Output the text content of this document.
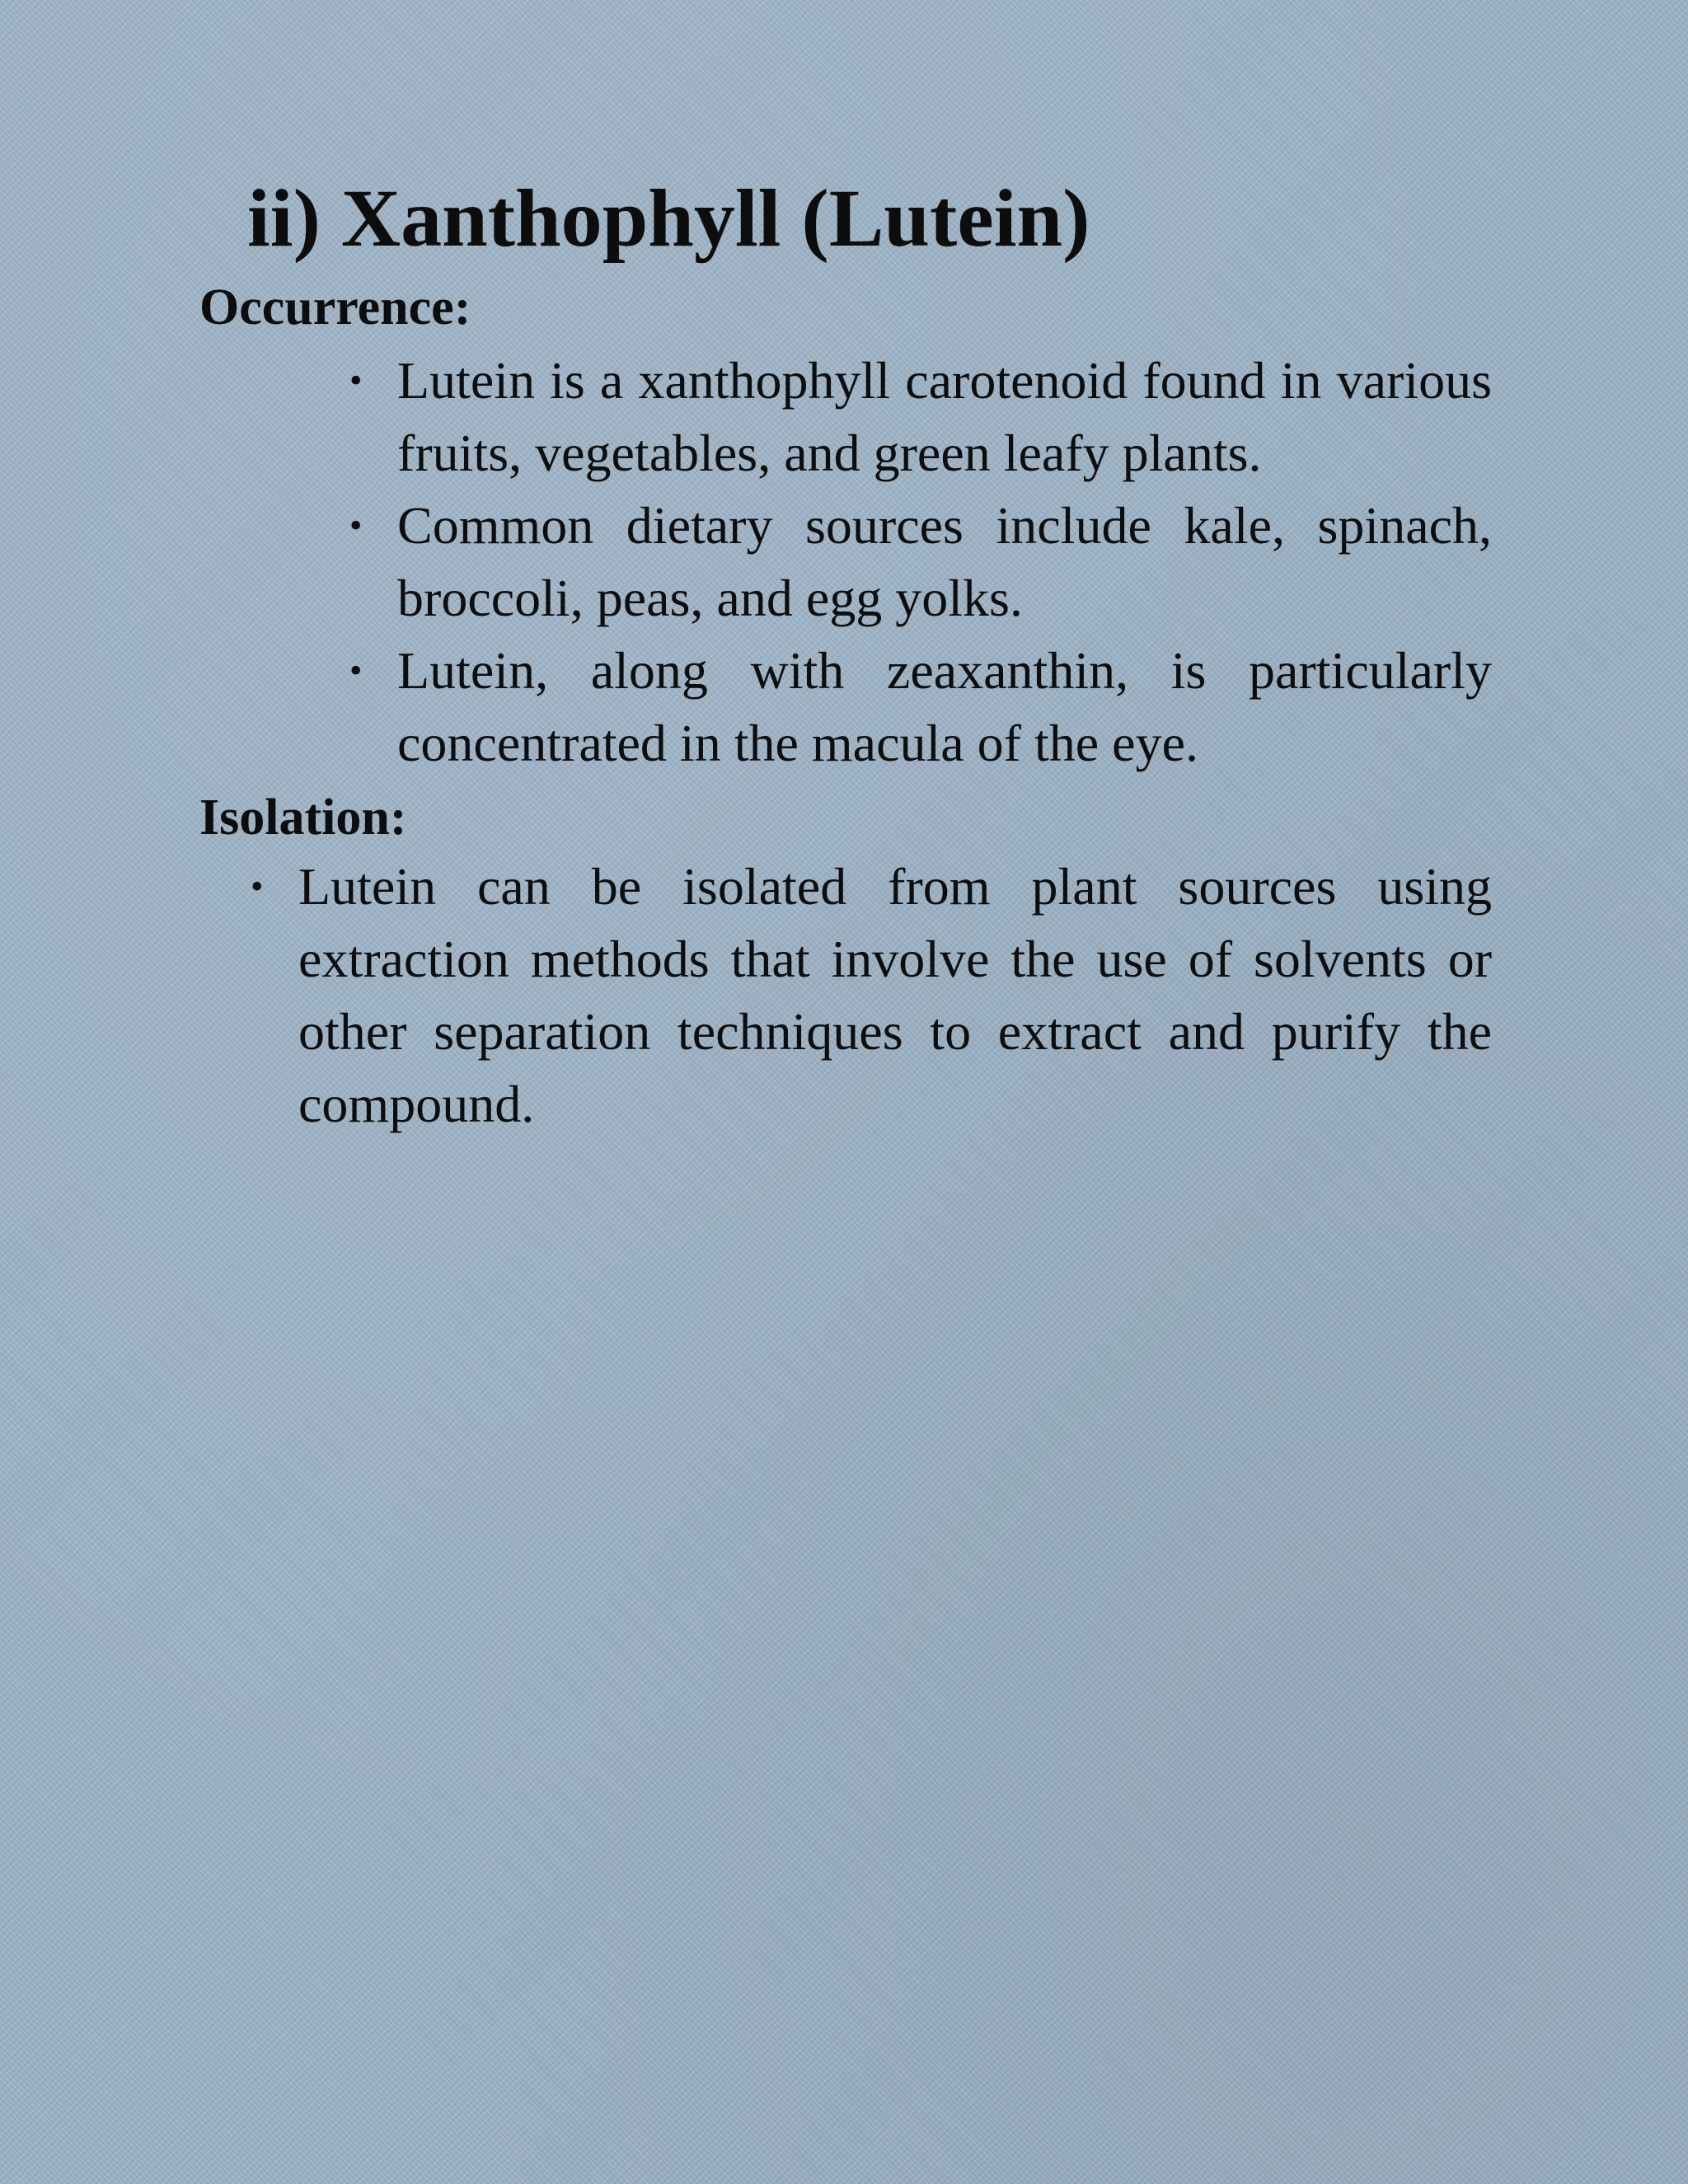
ii) Xanthophyll (Lutein)
Occurrence:
• Lutein is a xanthophyll carotenoid found in various fruits, vegetables, and green leafy plants.
• Common dietary sources include kale, spinach, broccoli, peas, and egg yolks.
• Lutein, along with zeaxanthin, is particularly concentrated in the macula of the eye.
Isolation:
• Lutein can be isolated from plant sources using extraction methods that involve the use of solvents or other separation techniques to extract and purify the compound.
